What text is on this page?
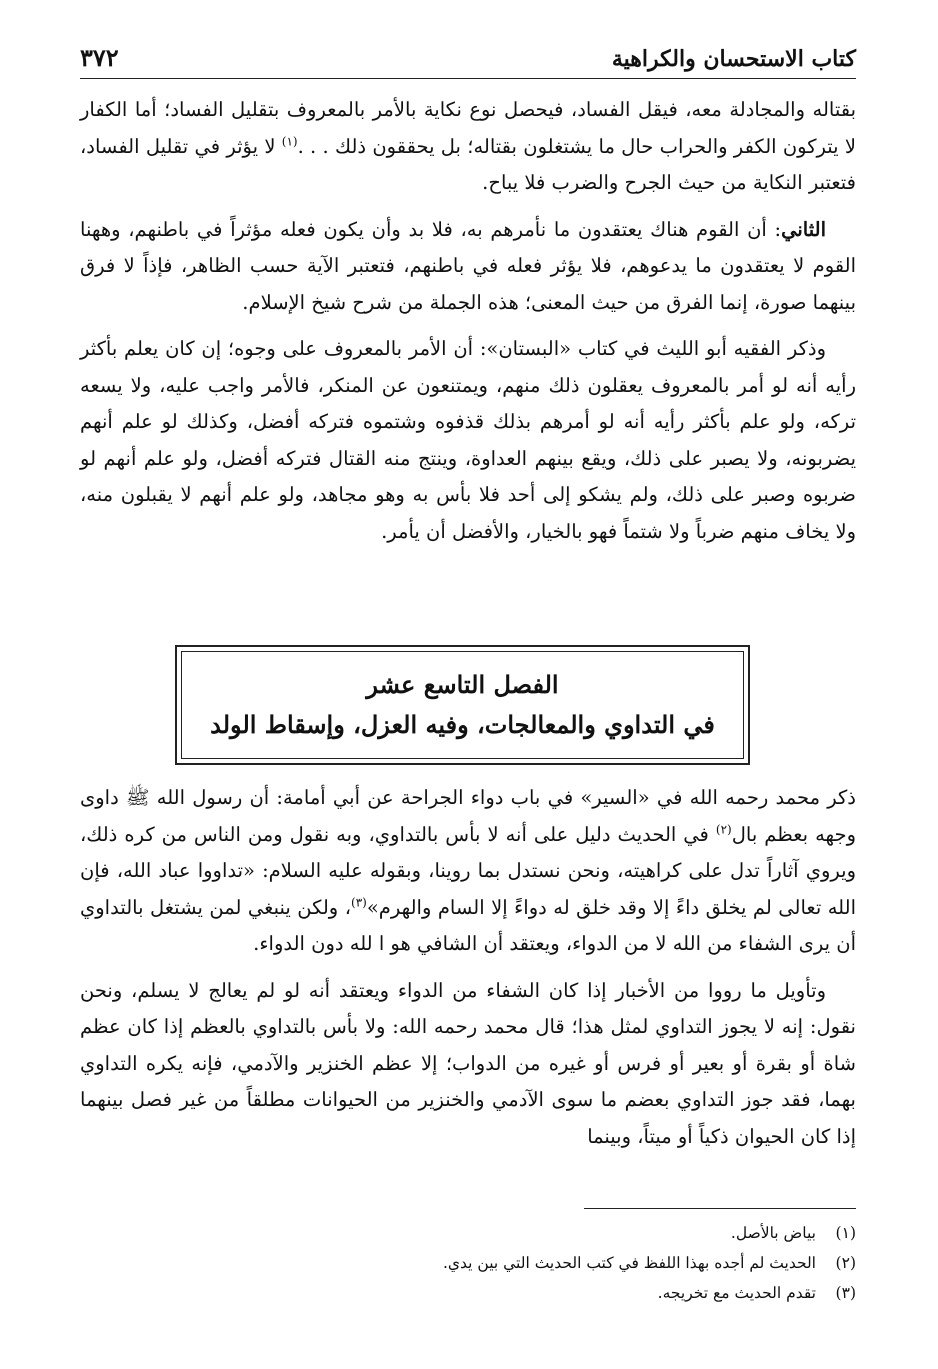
كتاب الاستحسان والكراهية
٣٧٢

بقتاله والمجادلة معه، فيقل الفساد، فيحصل نوع نكاية بالأمر بالمعروف بتقليل الفساد؛ أما الكفار لا يتركون الكفر والحراب حال ما يشتغلون بقتاله؛ بل يحققون ذلك . . .$^{(١)}$ لا يؤثر في تقليل الفساد، فتعتبر النكاية من حيث الجرح والضرب فلا يباح.

الثاني: أن القوم هناك يعتقدون ما نأمرهم به، فلا بد وأن يكون فعله مؤثراً في باطنهم، وههنا القوم لا يعتقدون ما يدعوهم، فلا يؤثر فعله في باطنهم، فتعتبر الآية حسب الظاهر، فإذاً لا فرق بينهما صورة، إنما الفرق من حيث المعنى؛ هذه الجملة من شرح شيخ الإسلام.

وذكر الفقيه أبو الليث في كتاب «البستان»: أن الأمر بالمعروف على وجوه؛ إن كان يعلم بأكثر رأيه أنه لو أمر بالمعروف يعقلون ذلك منهم، ويمتنعون عن المنكر، فالأمر واجب عليه، ولا يسعه تركه، ولو علم بأكثر رأيه أنه لو أمرهم بذلك قذفوه وشتموه فتركه أفضل، وكذلك لو علم أنهم يضربونه، ولا يصبر على ذلك، ويقع بينهم العداوة، وينتج منه القتال فتركه أفضل، ولو علم أنهم لو ضربوه وصبر على ذلك، ولم يشكو إلى أحد فلا بأس به وهو مجاهد، ولو علم أنهم لا يقبلون منه، ولا يخاف منهم ضرباً ولا شتماً فهو بالخيار، والأفضل أن يأمر.

الفصل التاسع عشر
في التداوي والمعالجات، وفيه العزل، وإسقاط الولد

ذكر محمد رحمه الله في «السير» في باب دواء الجراحة عن أبي أمامة: أن رسول الله ﷺ داوى وجهه بعظم بال$^{(٢)}$ في الحديث دليل على أنه لا بأس بالتداوي، وبه نقول ومن الناس من كره ذلك، ويروي آثاراً تدل على كراهيته، ونحن نستدل بما روينا، وبقوله عليه السلام: «تداووا عباد الله، فإن الله تعالى لم يخلق داءً إلا وقد خلق له دواءً إلا السام والهرم»$^{(٣)}$، ولكن ينبغي لمن يشتغل بالتداوي أن يرى الشفاء من الله لا من الدواء، ويعتقد أن الشافي هو ا لله دون الدواء.

وتأويل ما رووا من الأخبار إذا كان الشفاء من الدواء ويعتقد أنه لو لم يعالج لا يسلم، ونحن نقول: إنه لا يجوز التداوي لمثل هذا؛ قال محمد رحمه الله: ولا بأس بالتداوي بالعظم إذا كان عظم شاة أو بقرة أو بعير أو فرس أو غيره من الدواب؛ إلا عظم الخنزير والآدمي، فإنه يكره التداوي بهما، فقد جوز التداوي بعضم ما سوى الآدمي والخنزير من الحيوانات مطلقاً من غير فصل بينهما إذا كان الحيوان ذكياً أو ميتاً، وبينما

(١)
بياض بالأصل.
(٢)
الحديث لم أجده بهذا اللفظ في كتب الحديث التي بين يدي.
(٣)
تقدم الحديث مع تخريجه.
